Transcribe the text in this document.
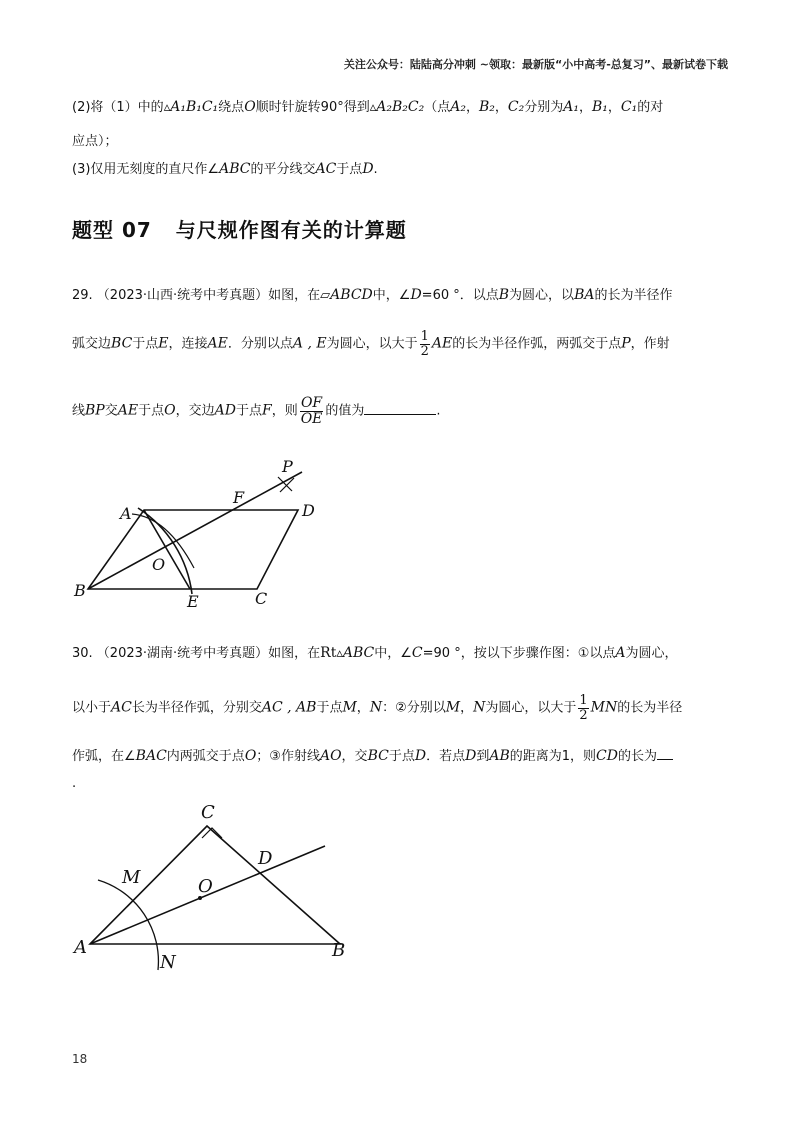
关注公众号：陆陆高分冲刺 ~领取：最新版“小中高考-总复习”、最新试卷下载
(2)将（1）中的▵A₁B₁C₁绕点O顺时针旋转90°得到▵A₂B₂C₂（点A₂，B₂，C₂分别为A₁，B₁，C₁的对
应点）；
(3)仅用无刻度的直尺作∠ABC的平分线交AC于点D.
题型 07 与尺规作图有关的计算题
29. （2023·山西·统考中考真题）如图，在▱ABCD中，∠D=60 °．以点B为圆心，以BA的长为半径作
弧交边BC于点E，连接AE．分别以点A , E为圆心，以大于 $\frac{1}{2}$ AE的长为半径作弧，两弧交于点P，作射
线BP交AE于点O，交边AD于点F，则 $\frac{OF}{OE}$ 的值为	.
A
B	C
D
E
F
O
P
30. （2023·湖南·统考中考真题）如图，在Rt▵ABC中，∠C=90 °，按以下步骤作图：①以点A为圆心，
以小于AC长为半径作弧，分别交AC , AB于点M，N：②分别以M，N为圆心，以大于 $\frac{1}{2}$ MN的长为半径
作弧，在∠BAC内两弧交于点O；③作射线AO，交BC于点D．若点D到AB的距离为1，则CD的长为
.
A	B
C
D
M
N
O
18
